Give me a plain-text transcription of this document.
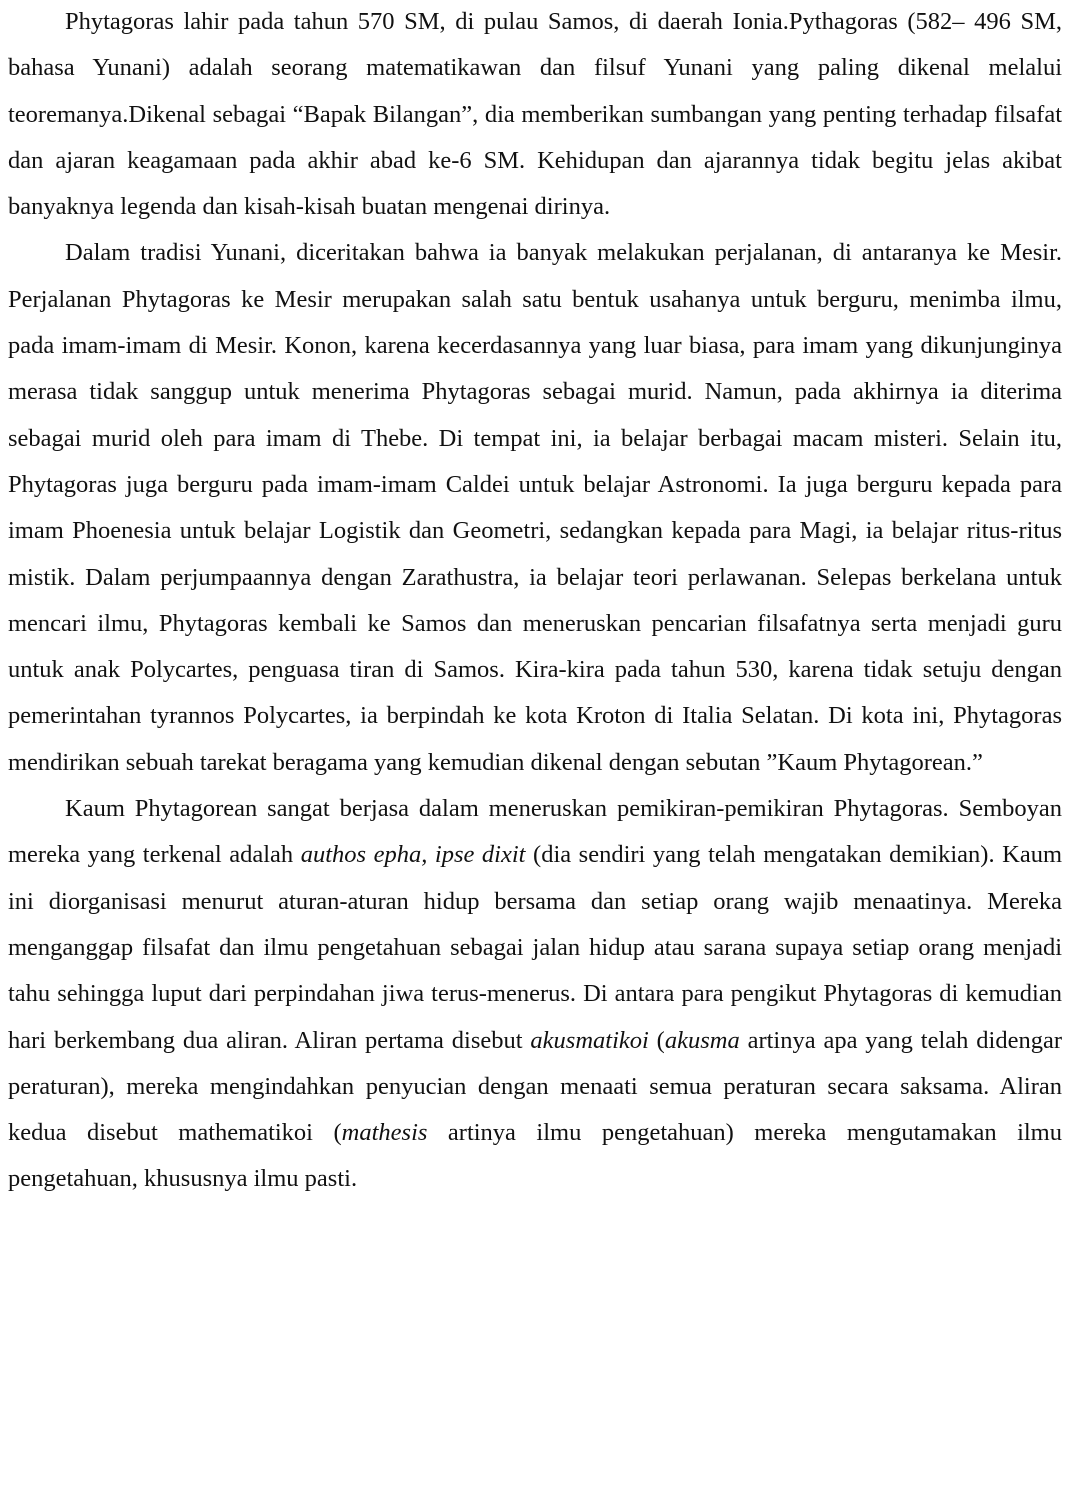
Phytagoras lahir pada tahun 570 SM, di pulau Samos, di daerah Ionia.Pythagoras (582– 496 SM, bahasa Yunani) adalah seorang matematikawan dan filsuf Yunani yang paling dikenal melalui teoremanya.Dikenal sebagai “Bapak Bilangan”, dia memberikan sumbangan yang penting terhadap filsafat dan ajaran keagamaan pada akhir abad ke-6 SM. Kehidupan dan ajarannya tidak begitu jelas akibat banyaknya legenda dan kisah-kisah buatan mengenai dirinya.

Dalam tradisi Yunani, diceritakan bahwa ia banyak melakukan perjalanan, di antaranya ke Mesir. Perjalanan Phytagoras ke Mesir merupakan salah satu bentuk usahanya untuk berguru, menimba ilmu, pada imam-imam di Mesir. Konon, karena kecerdasannya yang luar biasa, para imam yang dikunjunginya merasa tidak sanggup untuk menerima Phytagoras sebagai murid. Namun, pada akhirnya ia diterima sebagai murid oleh para imam di Thebe. Di tempat ini, ia belajar berbagai macam misteri. Selain itu, Phytagoras juga berguru pada imam-imam Caldei untuk belajar Astronomi. Ia juga berguru kepada para imam Phoenesia untuk belajar Logistik dan Geometri, sedangkan kepada para Magi, ia belajar ritus-ritus mistik. Dalam perjumpaannya dengan Zarathustra, ia belajar teori perlawanan. Selepas berkelana untuk mencari ilmu, Phytagoras kembali ke Samos dan meneruskan pencarian filsafatnya serta menjadi guru untuk anak Polycartes, penguasa tiran di Samos. Kira-kira pada tahun 530, karena tidak setuju dengan pemerintahan tyrannos Polycartes, ia berpindah ke kota Kroton di Italia Selatan. Di kota ini, Phytagoras mendirikan sebuah tarekat beragama yang kemudian dikenal dengan sebutan ”Kaum Phytagorean.”

Kaum Phytagorean sangat berjasa dalam meneruskan pemikiran-pemikiran Phytagoras. Semboyan mereka yang terkenal adalah authos epha, ipse dixit (dia sendiri yang telah mengatakan demikian). Kaum ini diorganisasi menurut aturan-aturan hidup bersama dan setiap orang wajib menaatinya. Mereka menganggap filsafat dan ilmu pengetahuan sebagai jalan hidup atau sarana supaya setiap orang menjadi tahu sehingga luput dari perpindahan jiwa terus-menerus. Di antara para pengikut Phytagoras di kemudian hari berkembang dua aliran. Aliran pertama disebut akusmatikoi (akusma artinya apa yang telah didengar peraturan), mereka mengindahkan penyucian dengan menaati semua peraturan secara saksama. Aliran kedua disebut mathematikoi (mathesis artinya ilmu pengetahuan) mereka mengutamakan ilmu pengetahuan, khususnya ilmu pasti.
